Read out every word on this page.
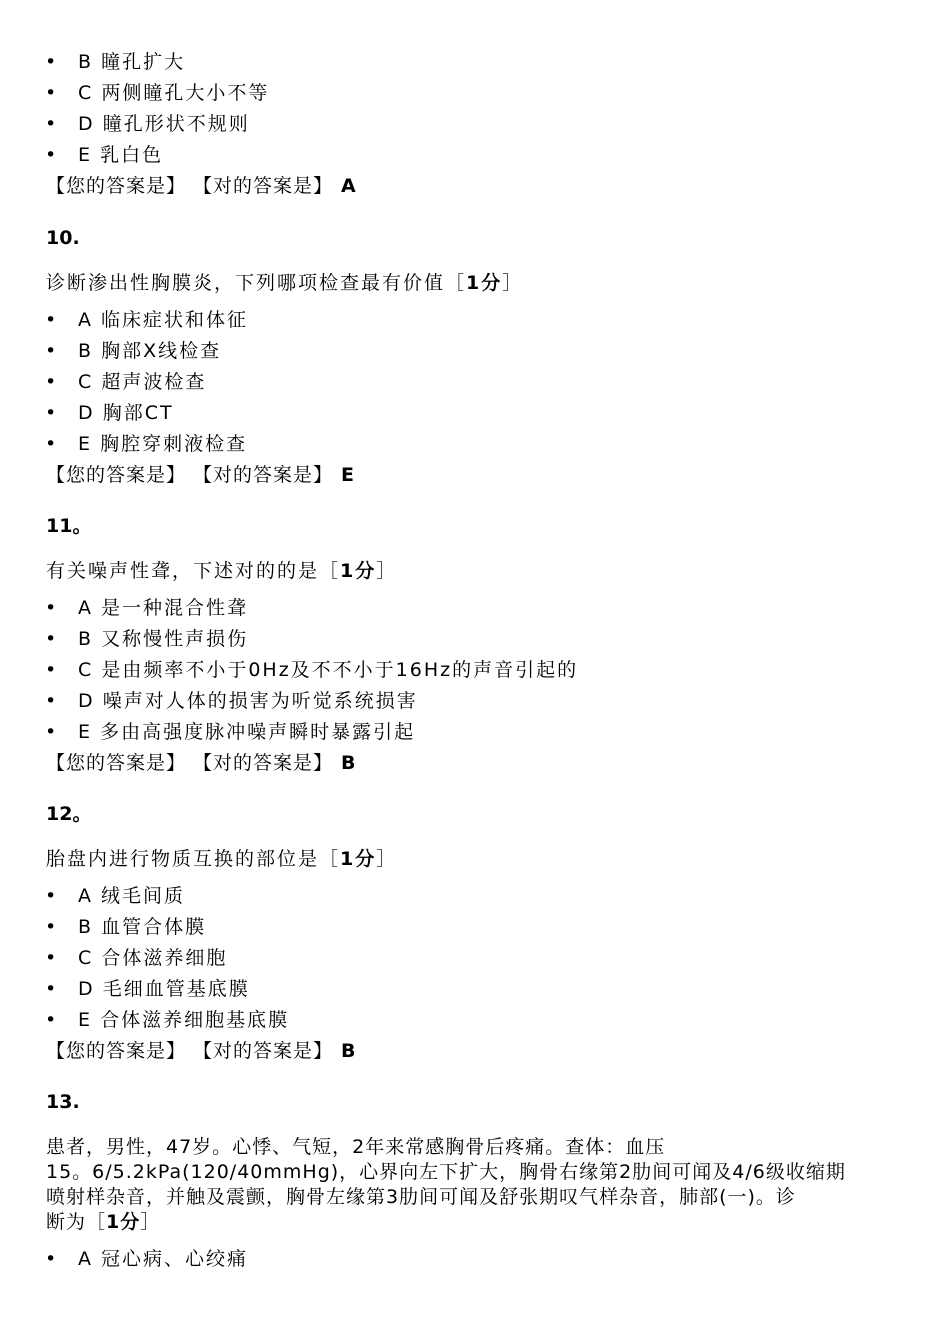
• B 瞳孔扩大
• C 两侧瞳孔大小不等
• D 瞳孔形状不规则
• E 乳白色
【您的答案是】 【对的答案是】 A
10.
诊断渗出性胸膜炎，下列哪项检查最有价值［1分］
• A 临床症状和体征
• B 胸部X线检查
• C 超声波检查
• D 胸部CT
• E 胸腔穿刺液检查
【您的答案是】 【对的答案是】 E
11。
有关噪声性聋，下述对的的是［1分］
• A 是一种混合性聋
• B 又称慢性声损伤
• C 是由频率不小于0Hz及不不小于16Hz的声音引起的
• D 噪声对人体的损害为听觉系统损害
• E 多由高强度脉冲噪声瞬时暴露引起
【您的答案是】 【对的答案是】 B
12。
胎盘内进行物质互换的部位是［1分］
• A 绒毛间质
• B 血管合体膜
• C 合体滋养细胞
• D 毛细血管基底膜
• E 合体滋养细胞基底膜
【您的答案是】 【对的答案是】 B
13.
患者，男性，47岁。心悸、气短，2年来常感胸骨后疼痛。查体：血压
15。6/5.2kPa(120/40mmHg)，心界向左下扩大，胸骨右缘第2肋间可闻及4/6级收缩期
喷射样杂音，并触及震颤，胸骨左缘第3肋间可闻及舒张期叹气样杂音，肺部(一)。诊
断为［1分］
• A 冠心病、心绞痛
